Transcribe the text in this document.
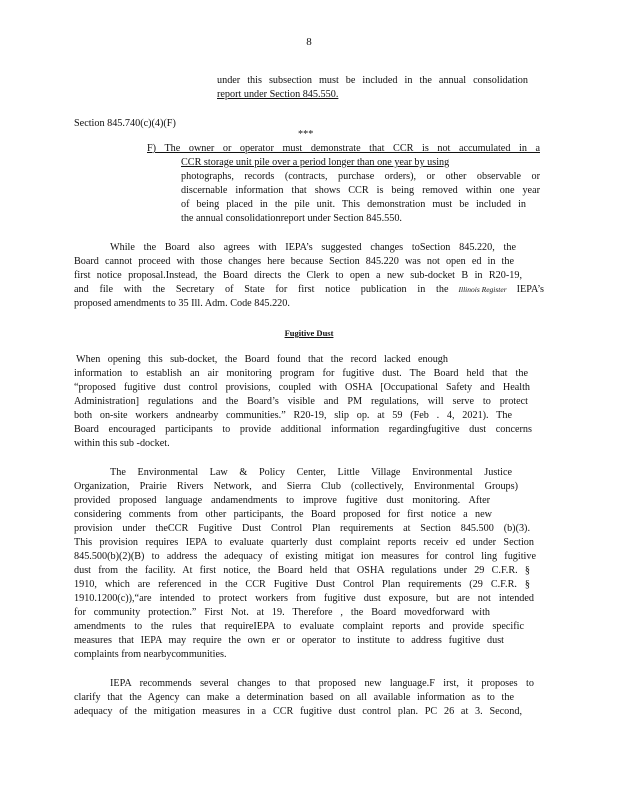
8
under this subsection must be included in the annual consolidation
report under Section 845.550.
Section 845.740(c)(4)(F)
***
F) The owner or operator must demonstrate that CCR is not accumulated in a
CCR storage unit pile over a period longer than one year by using
photographs, records (contracts, purchase orders), or other observable or
discernable information that shows CCR is being removed within one year
of being placed in the pile unit. This demonstration must be included in
the annual consolidationreport under Section 845.550.
While the Board also agrees with IEPA’s suggested changes toSection 845.220, the
Board cannot proceed with those changes here because Section 845.220 was not open ed in the
first notice proposal.Instead, the Board directs the Clerk to open a new sub-docket B in R20-19,
and file with the Secretary of State for first notice publication in the Illinois Register IEPA’s
proposed amendments to 35 Ill. Adm. Code 845.220.
Fugitive Dust
When opening this sub-docket, the Board found that the record lacked enough
information to establish an air monitoring program for fugitive dust. The Board held that the
“proposed fugitive dust control provisions, coupled with OSHA [Occupational Safety and Health
Administration] regulations and the Board’s visible and PM regulations, will serve to protect
both on-site workers andnearby communities.” R20-19, slip op. at 59 (Feb . 4, 2021). The
Board encouraged participants to provide additional information regardingfugitive dust concerns
within this sub -docket.
The Environmental Law & Policy Center, Little Village Environmental Justice
Organization, Prairie Rivers Network, and Sierra Club (collectively, Environmental Groups)
provided proposed language andamendments to improve fugitive dust monitoring. After
considering comments from other participants, the Board proposed for first notice a new
provision under theCCR Fugitive Dust Control Plan requirements at Section 845.500 (b)(3).
This provision requires IEPA to evaluate quarterly dust complaint reports receiv ed under Section
845.500(b)(2)(B) to address the adequacy of existing mitigat ion measures for control ling fugitive
dust from the facility. At first notice, the Board held that OSHA regulations under 29 C.F.R. §
1910, which are referenced in the CCR Fugitive Dust Control Plan requirements (29 C.F.R. §
1910.1200(c)),“are intended to protect workers from fugitive dust exposure, but are not intended
for community protection.” First Not. at 19. Therefore , the Board movedforward with
amendments to the rules that requireIEPA to evaluate complaint reports and provide specific
measures that IEPA may require the own er or operator to institute to address fugitive dust
complaints from nearbycommunities.
IEPA recommends several changes to that proposed new language.F irst, it proposes to
clarify that the Agency can make a determination based on all available information as to the
adequacy of the mitigation measures in a CCR fugitive dust control plan. PC 26 at 3. Second,
